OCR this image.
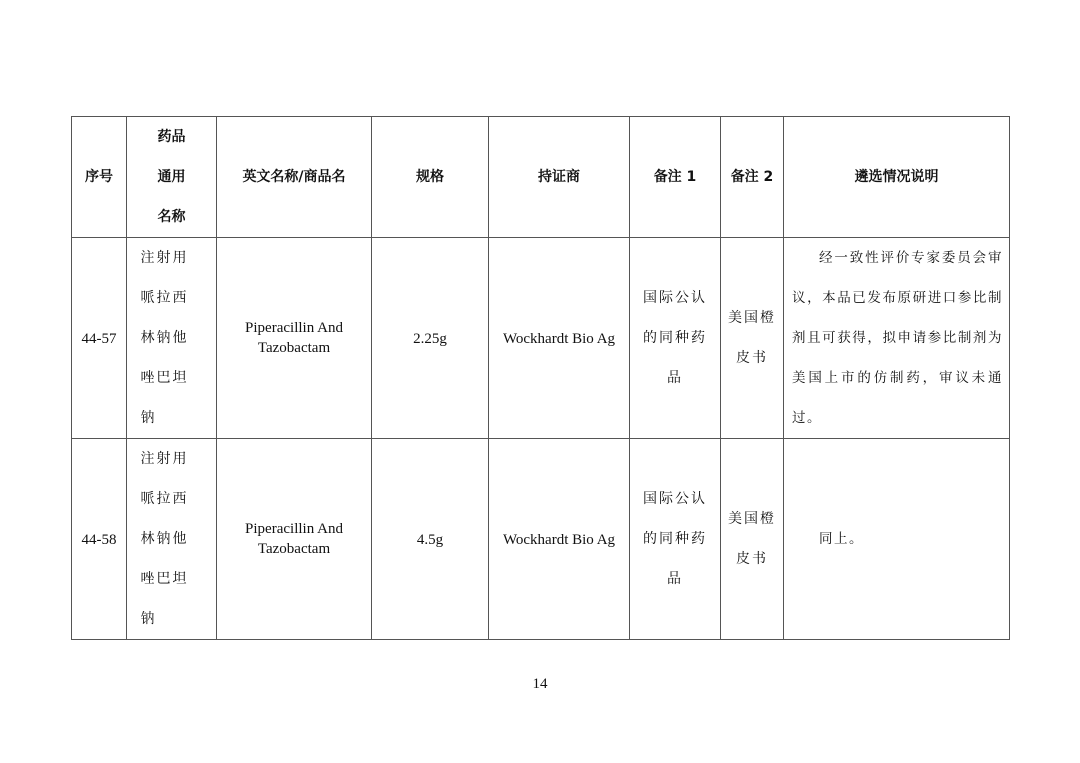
序号	药品通用名称	英文名称/商品名	规格	持证商	备注 1	备注 2	遴选情况说明
44-57	注射用哌拉西林钠他唑巴坦钠	Piperacillin And
Tazobactam	2.25g	Wockhardt Bio Ag	国际公认的同种药品	美国橙皮书	经一致性评价专家委员会审议，本品已发布原研进口参比制剂且可获得，拟申请参比制剂为美国上市的仿制药，审议未通过。

44-58	注射用哌拉西林钠他唑巴坦钠	Piperacillin And
Tazobactam	4.5g	Wockhardt Bio Ag	国际公认的同种药品	美国橙皮书	同上。
14
